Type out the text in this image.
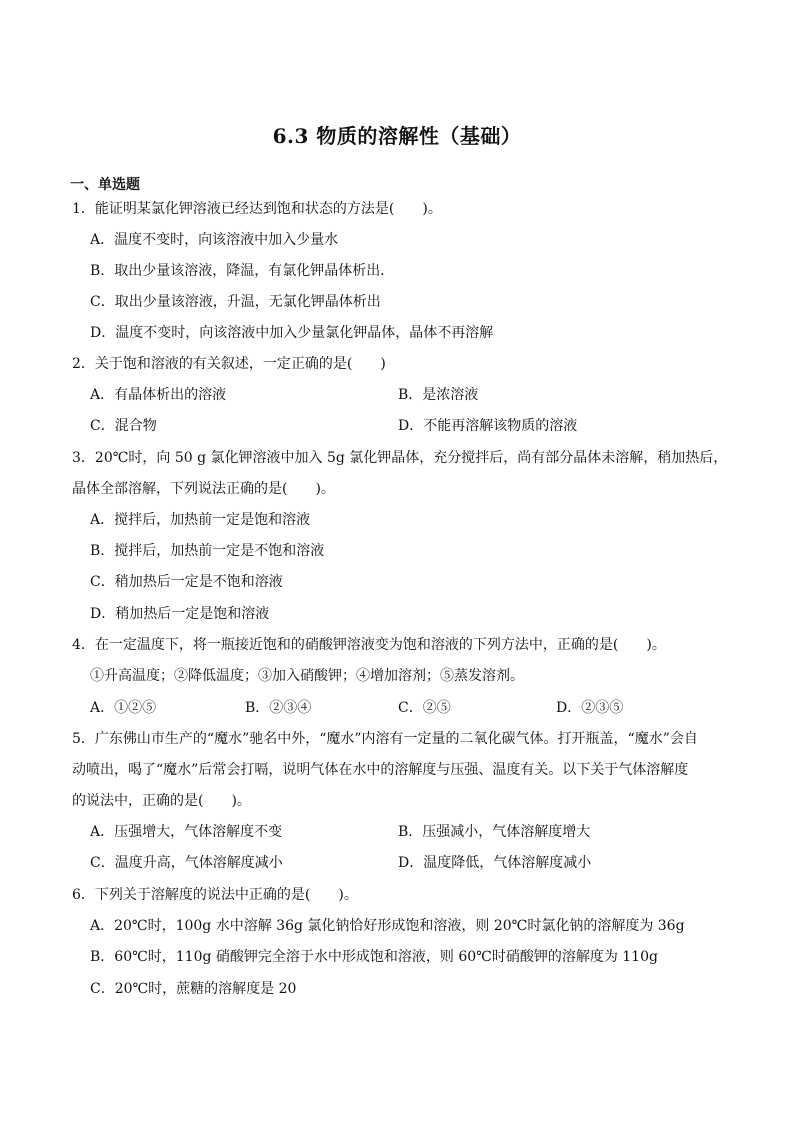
6.3 物质的溶解性（基础）
一、单选题
1．能证明某氯化钾溶液已经达到饱和状态的方法是(　　)。
A．温度不变时，向该溶液中加入少量水
B．取出少量该溶液，降温，有氯化钾晶体析出．
C．取出少量该溶液，升温，无氯化钾晶体析出
D．温度不变时，向该溶液中加入少量氯化钾晶体，晶体不再溶解
2．关于饱和溶液的有关叙述，一定正确的是(　　)
A．有晶体析出的溶液	B．是浓溶液
C．混合物	D．不能再溶解该物质的溶液
3．20℃时，向 50 g 氯化钾溶液中加入 5g 氯化钾晶体，充分搅拌后，尚有部分晶体未溶解，稍加热后，
晶体全部溶解，下列说法正确的是(　　)。
A．搅拌后，加热前一定是饱和溶液
B．搅拌后，加热前一定是不饱和溶液
C．稍加热后一定是不饱和溶液
D．稍加热后一定是饱和溶液
4．在一定温度下，将一瓶接近饱和的硝酸钾溶液变为饱和溶液的下列方法中，正确的是(　　)。
①升高温度；②降低温度；③加入硝酸钾；④增加溶剂；⑤蒸发溶剂。
A．①②⑤	B．②③④	C．②⑤	D．②③⑤
5．广东佛山市生产的“魔水”驰名中外，“魔水”内溶有一定量的二氧化碳气体。打开瓶盖，“魔水”会自
动喷出，喝了“魔水”后常会打嗝，说明气体在水中的溶解度与压强、温度有关。以下关于气体溶解度
的说法中，正确的是(　　)。
A．压强增大，气体溶解度不变	B．压强减小，气体溶解度增大
C．温度升高，气体溶解度减小	D．温度降低，气体溶解度减小
6．下列关于溶解度的说法中正确的是(　　)。
A．20℃时，100g 水中溶解 36g 氯化钠恰好形成饱和溶液，则 20℃时氯化钠的溶解度为 36g
B．60℃时，110g 硝酸钾完全溶于水中形成饱和溶液，则 60℃时硝酸钾的溶解度为 110g
C．20℃时，蔗糖的溶解度是 20
